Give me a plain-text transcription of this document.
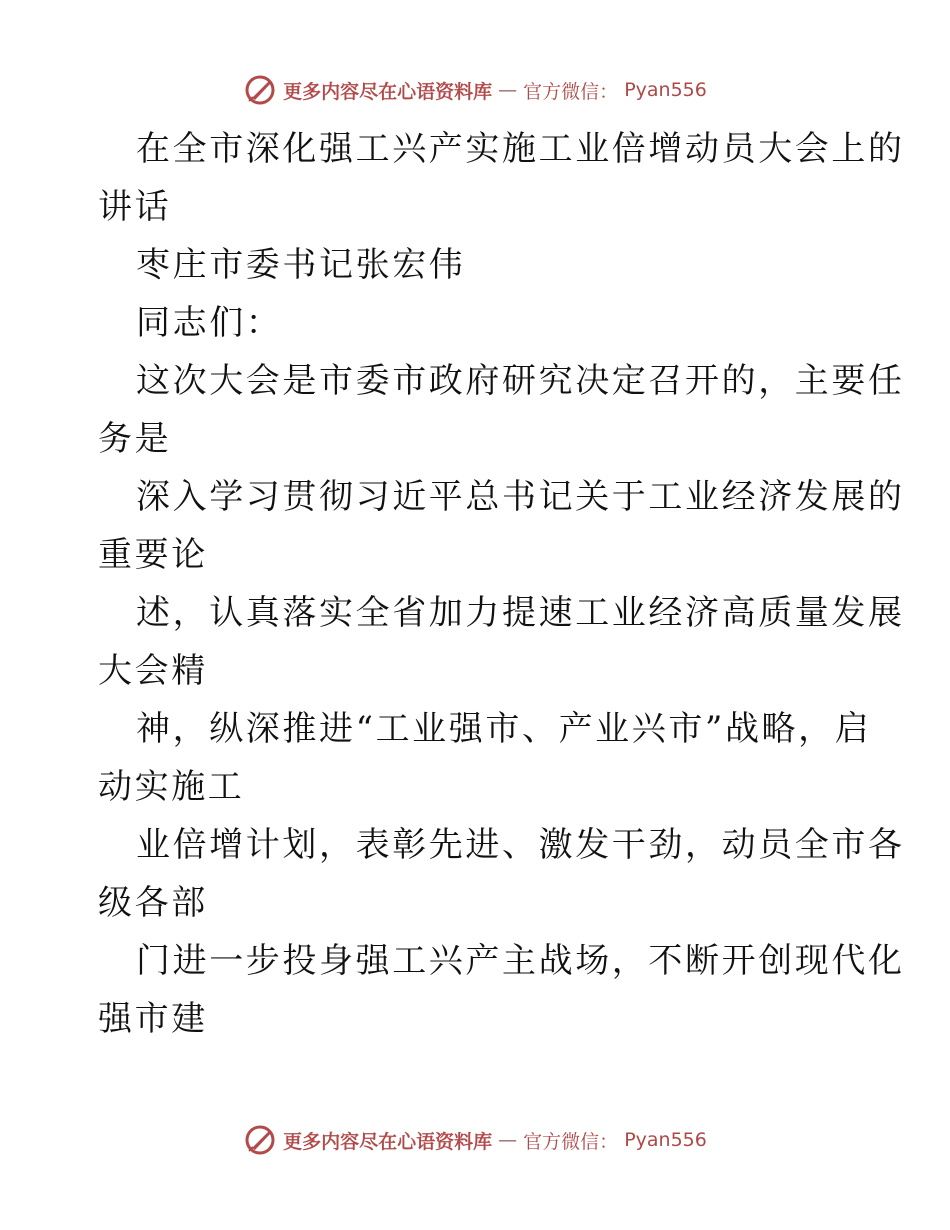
更多内容尽在心语资料库 — 官方微信： Pyan556
在全市深化强工兴产实施工业倍增动员大会上的
讲话
枣庄市委书记张宏伟
同志们：
这次大会是市委市政府研究决定召开的，主要任
务是
深入学习贯彻习近平总书记关于工业经济发展的
重要论
述，认真落实全省加力提速工业经济高质量发展
大会精
神，纵深推进“工业强市、产业兴市”战略，启
动实施工
业倍增计划，表彰先进、激发干劲，动员全市各
级各部
门进一步投身强工兴产主战场，不断开创现代化
强市建
更多内容尽在心语资料库 — 官方微信： Pyan556
